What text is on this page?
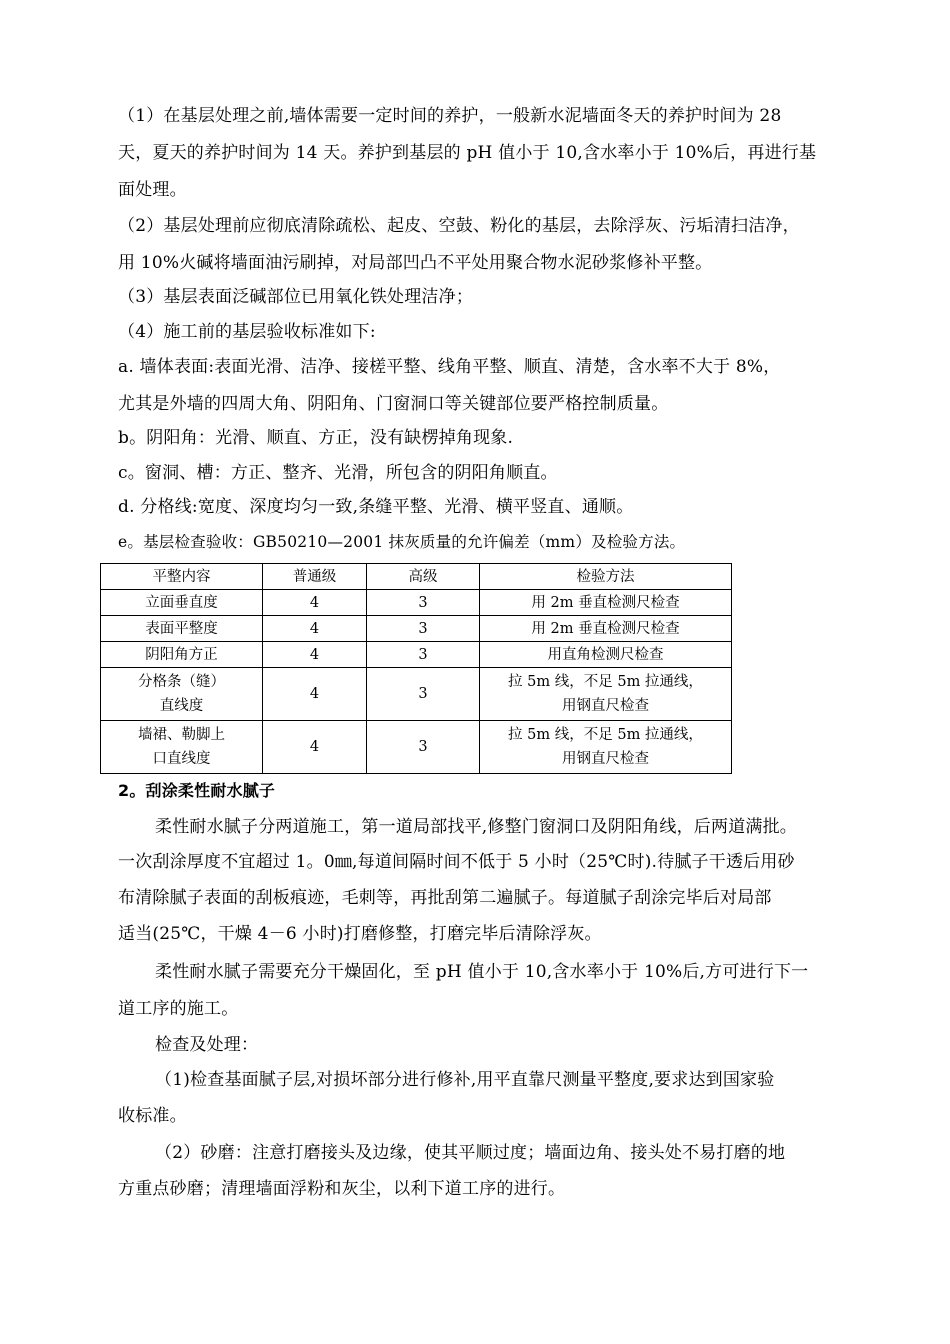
（1）在基层处理之前,墙体需要一定时间的养护，一般新水泥墙面冬天的养护时间为 28
天，夏天的养护时间为 14 天。养护到基层的 pH 值小于 10,含水率小于 10%后，再进行基
面处理。
（2）基层处理前应彻底清除疏松、起皮、空鼓、粉化的基层，去除浮灰、污垢清扫洁净，
用 10%火碱将墙面油污刷掉，对局部凹凸不平处用聚合物水泥砂浆修补平整。
（3）基层表面泛碱部位已用氧化铁处理洁净；
（4）施工前的基层验收标准如下:
a. 墙体表面:表面光滑、洁净、接槎平整、线角平整、顺直、清楚，含水率不大于 8%，
尤其是外墙的四周大角、阴阳角、门窗洞口等关键部位要严格控制质量。
b。阴阳角：光滑、顺直、方正，没有缺楞掉角现象.
c。窗洞、槽：方正、整齐、光滑，所包含的阴阳角顺直。
d. 分格线:宽度、深度均匀一致,条缝平整、光滑、横平竖直、通顺。
e。基层检查验收：GB50210—2001 抹灰质量的允许偏差（mm）及检验方法。
平整内容	普通级	高级	检验方法
立面垂直度	4	3	用 2m 垂直检测尺检查
表面平整度	4	3	用 2m 垂直检测尺检查
阴阳角方正	4	3	用直角检测尺检查

分格条（缝）
直线度	4	3	拉 5m 线，不足 5m 拉通线，
用钢直尺检查

墙裙、勒脚上
口直线度	4	3	拉 5m 线，不足 5m 拉通线，
用钢直尺检查
2。刮涂柔性耐水腻子
柔性耐水腻子分两道施工，第一道局部找平,修整门窗洞口及阴阳角线，后两道满批。
一次刮涂厚度不宜超过 1。0㎜,每道间隔时间不低于 5 小时（25℃时).待腻子干透后用砂
布清除腻子表面的刮板痕迹，毛刺等，再批刮第二遍腻子。每道腻子刮涂完毕后对局部
适当(25℃，干燥 4－6 小时)打磨修整，打磨完毕后清除浮灰。
柔性耐水腻子需要充分干燥固化，至 pH 值小于 10,含水率小于 10%后,方可进行下一
道工序的施工。
检查及处理：
（1)检查基面腻子层,对损坏部分进行修补,用平直靠尺测量平整度,要求达到国家验
收标准。
（2）砂磨：注意打磨接头及边缘，使其平顺过度；墙面边角、接头处不易打磨的地
方重点砂磨；清理墙面浮粉和灰尘，以利下道工序的进行。
